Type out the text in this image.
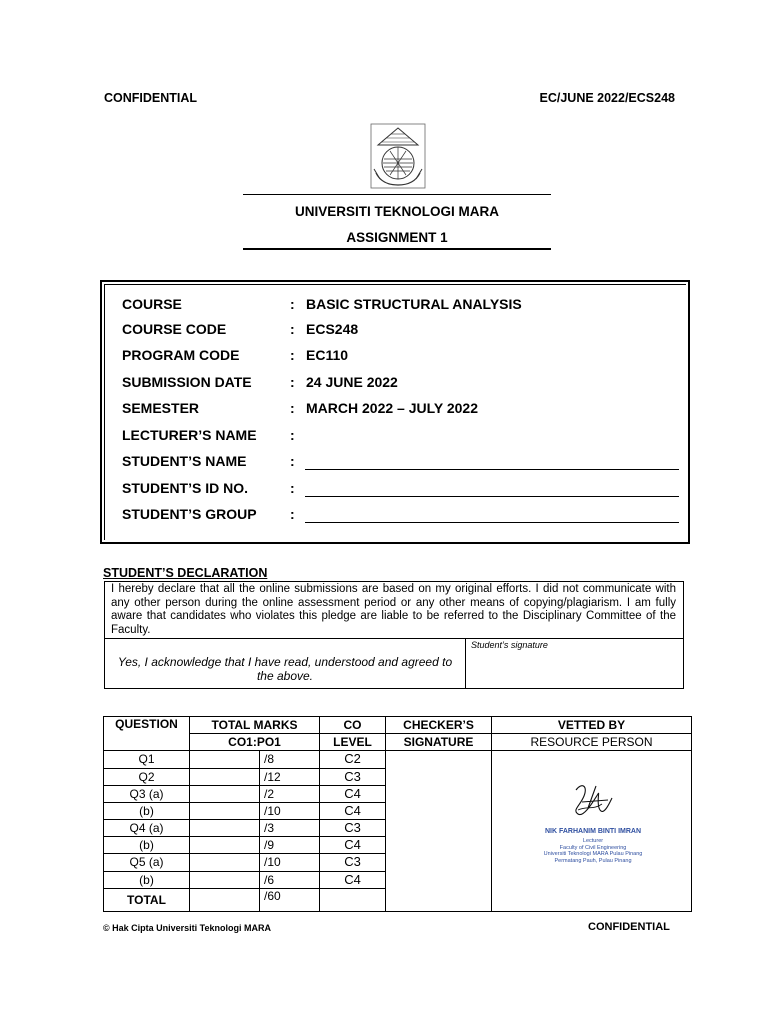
CONFIDENTIAL	EC/JUNE 2022/ECS248
UNIVERSITI TEKNOLOGI MARA
ASSIGNMENT 1
COURSE	: BASIC STRUCTURAL ANALYSIS
COURSE CODE	: ECS248
PROGRAM CODE	: EC110
SUBMISSION DATE	: 24 JUNE 2022
SEMESTER	: MARCH 2022 – JULY 2022
LECTURER’S NAME :
STUDENT’S NAME	:
STUDENT’S ID NO.	:
STUDENT’S GROUP :
STUDENT’S DECLARATION
I hereby declare that all the online submissions are based on my original efforts. I did not communicate with any other person during the online assessment period or any other means of copying/plagiarism. I am fully aware that candidates who violates this pledge are liable to be referred to the Disciplinary Committee of the Faculty.
Yes, I acknowledge that I have read, understood and agreed to the above.
Student’s signature
QUESTION	TOTAL MARKS		CO	CHECKER’S	VETTED BY
	CO1:PO1		LEVEL	SIGNATURE	RESOURCE PERSON
Q1		/8	C2		
Q2		/12	C3		
Q3 (a)		/2	C4		
(b)		/10	C4		
Q4 (a)		/3	C3		
(b)		/9	C4		
Q5 (a)		/10	C3		
(b)		/6	C4		
TOTAL		/60			
NIK FARHANIM BINTI IMRAN
Lecturer
Faculty of Civil Engineering
Universiti Teknologi MARA Pulau Pinang
Permatang Pauh, Pulau Pinang
© Hak Cipta Universiti Teknologi MARA	CONFIDENTIAL
